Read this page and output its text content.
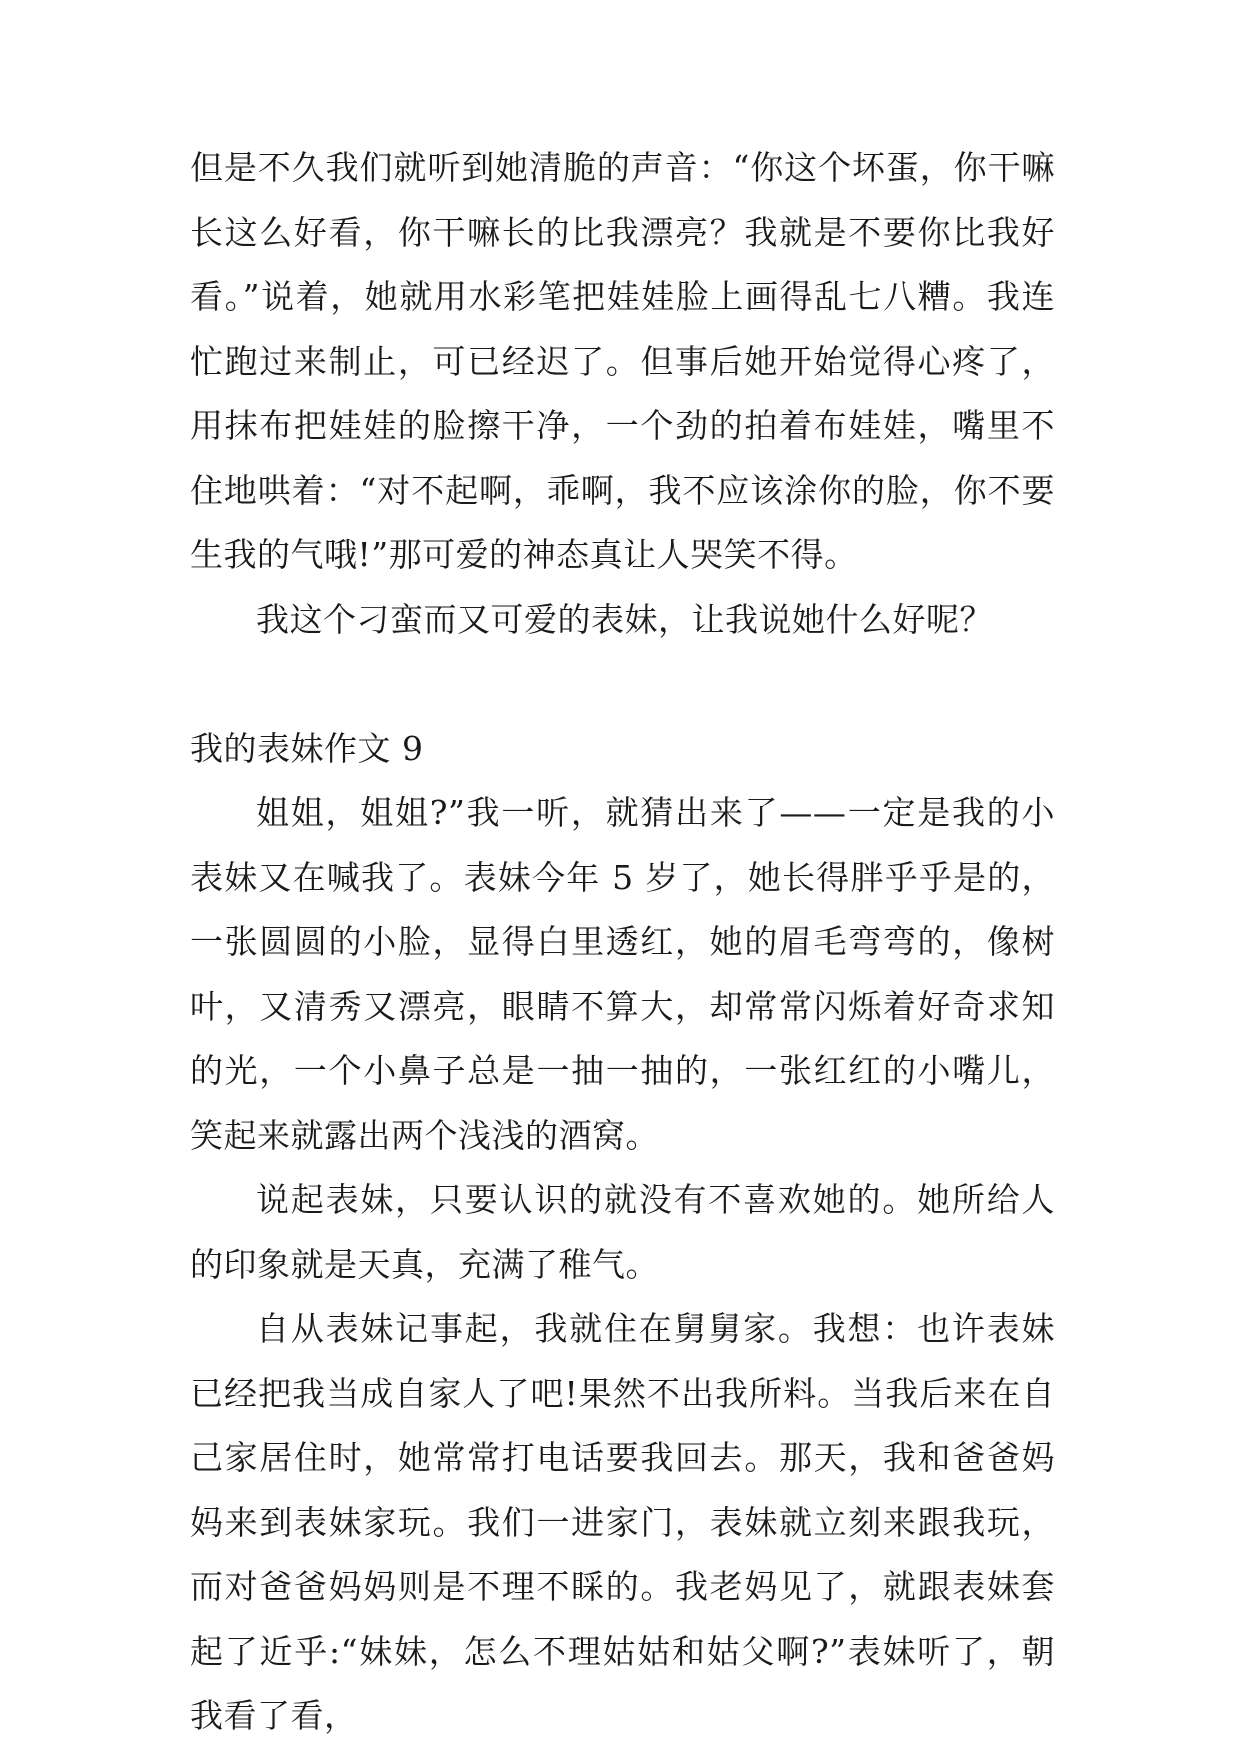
但是不久我们就听到她清脆的声音：“你这个坏蛋，你干嘛长这么好看，你干嘛长的比我漂亮？我就是不要你比我好看。”说着，她就用水彩笔把娃娃脸上画得乱七八糟。我连忙跑过来制止，可已经迟了。但事后她开始觉得心疼了，用抹布把娃娃的脸擦干净，一个劲的拍着布娃娃，嘴里不住地哄着：“对不起啊，乖啊，我不应该涂你的脸，你不要生我的气哦!”那可爱的神态真让人哭笑不得。

我这个刁蛮而又可爱的表妹，让我说她什么好呢？

我的表妹作文 9

姐姐，姐姐?”我一听，就猜出来了——一定是我的小表妹又在喊我了。表妹今年 5 岁了，她长得胖乎乎是的，一张圆圆的小脸，显得白里透红，她的眉毛弯弯的，像树叶，又清秀又漂亮，眼睛不算大，却常常闪烁着好奇求知的光，一个小鼻子总是一抽一抽的，一张红红的小嘴儿，笑起来就露出两个浅浅的酒窝。

说起表妹，只要认识的就没有不喜欢她的。她所给人的印象就是天真，充满了稚气。

自从表妹记事起，我就住在舅舅家。我想：也许表妹已经把我当成自家人了吧!果然不出我所料。当我后来在自己家居住时，她常常打电话要我回去。那天，我和爸爸妈妈来到表妹家玩。我们一进家门，表妹就立刻来跟我玩，而对爸爸妈妈则是不理不睬的。我老妈见了，就跟表妹套起了近乎:“妹妹，怎么不理姑姑和姑父啊?”表妹听了，朝我看了看，
